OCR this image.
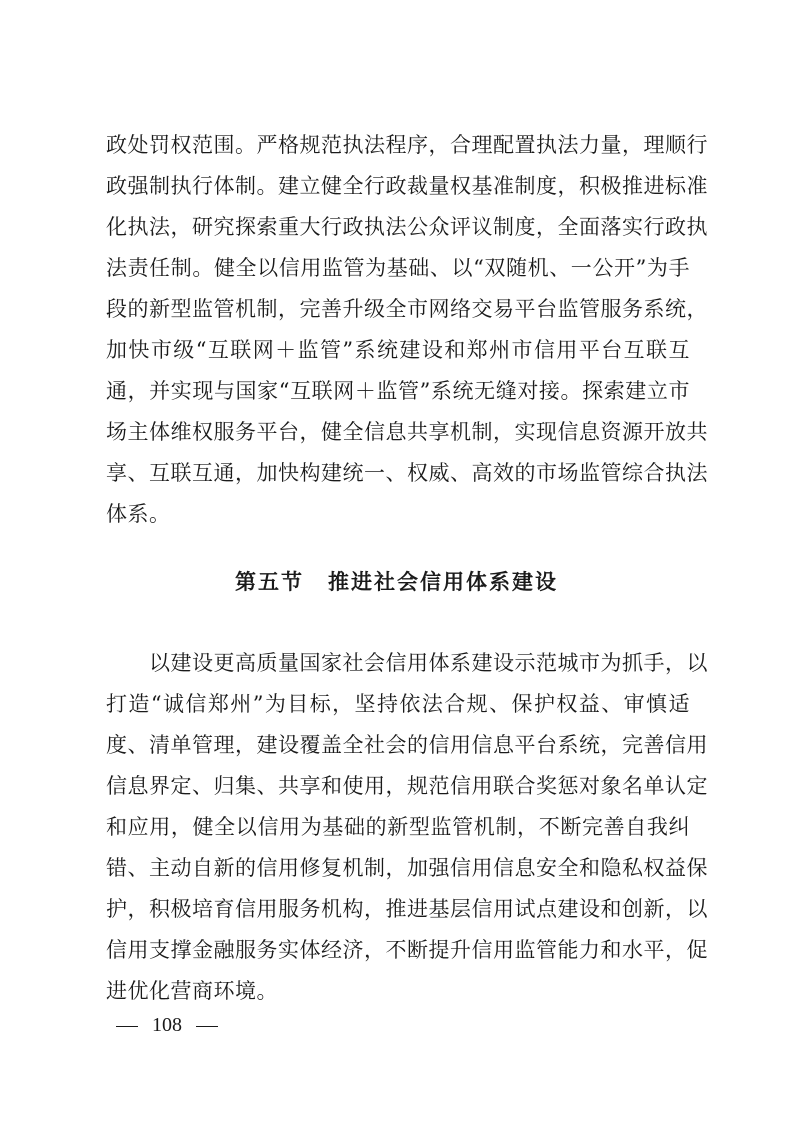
政处罚权范围。严格规范执法程序，合理配置执法力量，理顺行
政强制执行体制。建立健全行政裁量权基准制度，积极推进标准
化执法，研究探索重大行政执法公众评议制度，全面落实行政执
法责任制。健全以信用监管为基础、以“双随机、一公开”为手
段的新型监管机制，完善升级全市网络交易平台监管服务系统，
加快市级“互联网＋监管”系统建设和郑州市信用平台互联互
通，并实现与国家“互联网＋监管”系统无缝对接。探索建立市
场主体维权服务平台，健全信息共享机制，实现信息资源开放共
享、互联互通，加快构建统一、权威、高效的市场监管综合执法
体系。
第五节 推进社会信用体系建设
　　以建设更高质量国家社会信用体系建设示范城市为抓手，以
打造“诚信郑州”为目标，坚持依法合规、保护权益、审慎适
度、清单管理，建设覆盖全社会的信用信息平台系统，完善信用
信息界定、归集、共享和使用，规范信用联合奖惩对象名单认定
和应用，健全以信用为基础的新型监管机制，不断完善自我纠
错、主动自新的信用修复机制，加强信用信息安全和隐私权益保
护，积极培育信用服务机构，推进基层信用试点建设和创新，以
信用支撑金融服务实体经济，不断提升信用监管能力和水平，促
进优化营商环境。
108
